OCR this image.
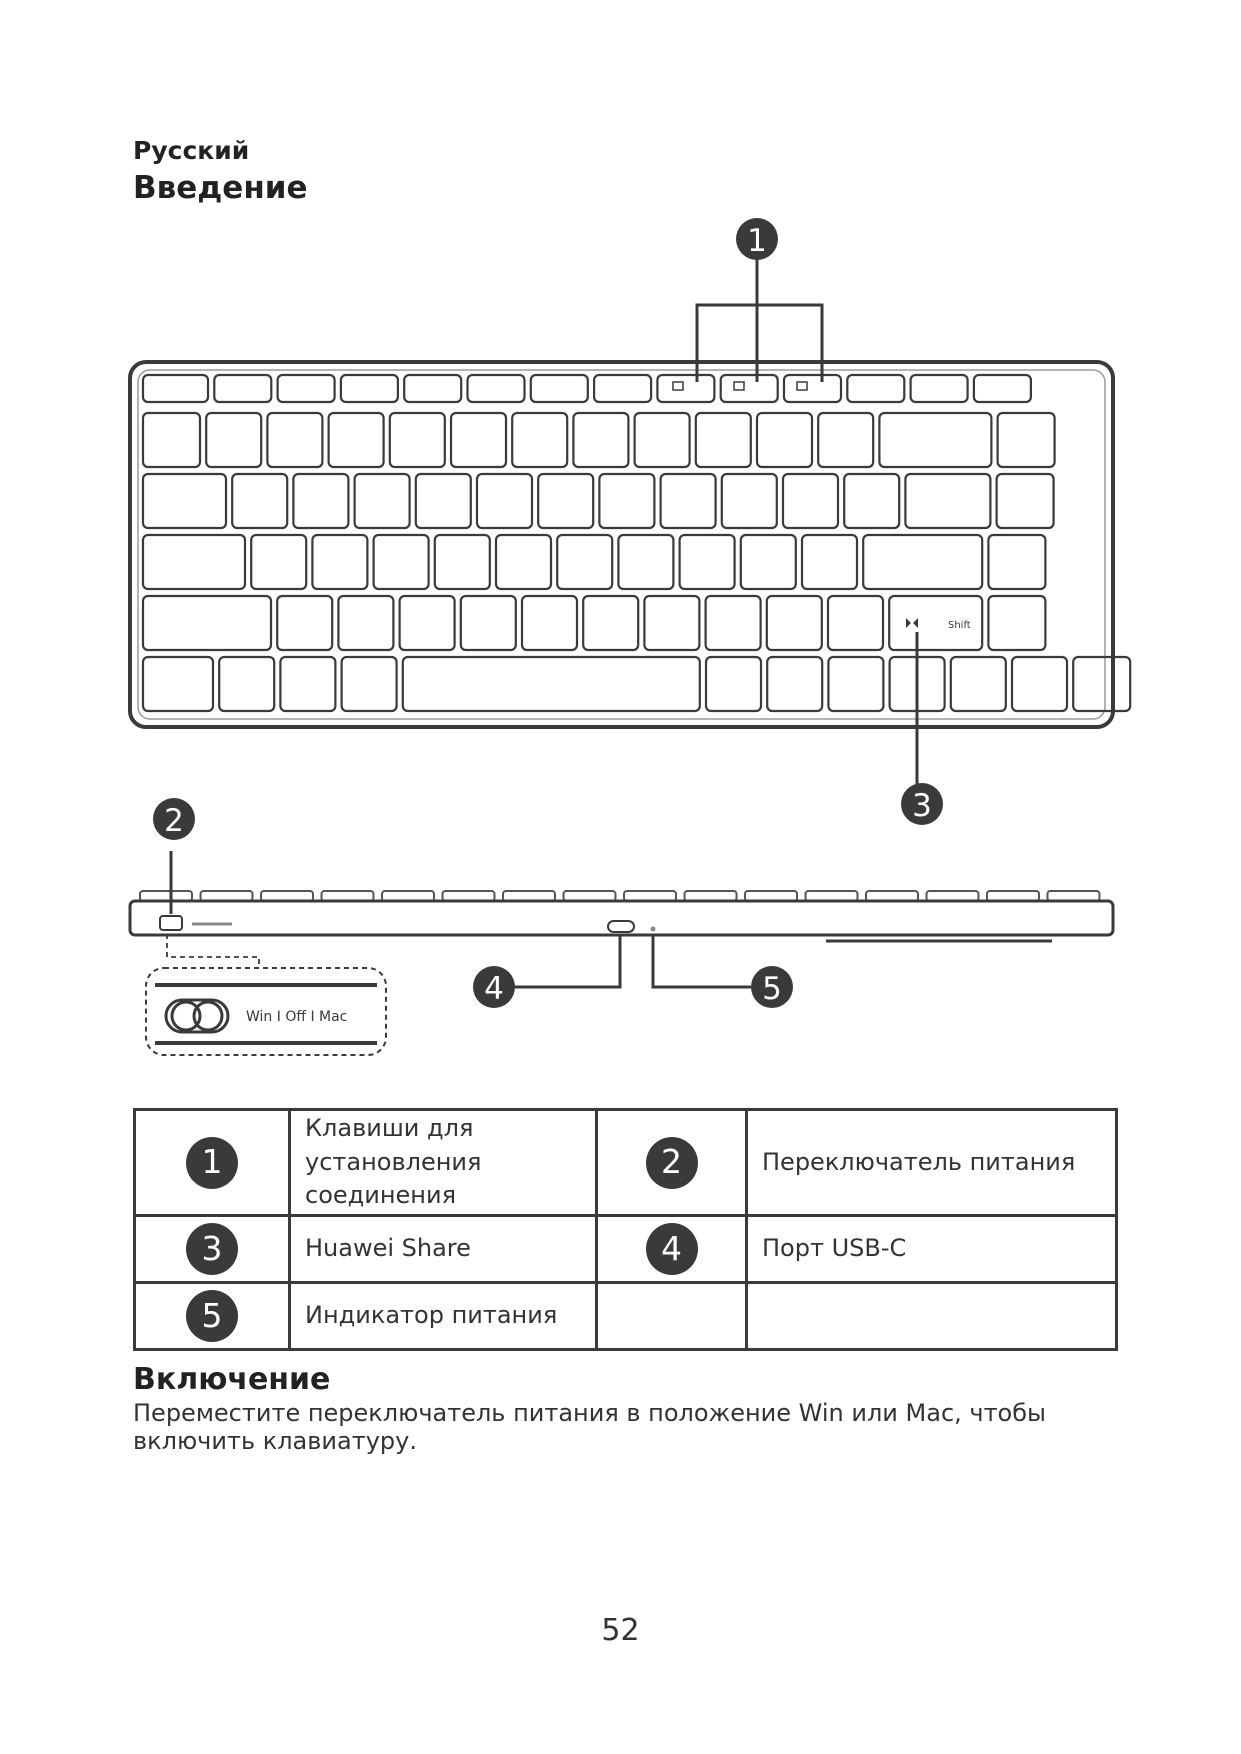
Русский

Введение
Shift
1
3
2
Win I Off I Mac
4	5
1	Клавиши для установления соединения	2	Переключатель питания
3	Huawei Share	4	Порт USB-C
5	Индикатор питания		
Включение

Переместите переключатель питания в положение Win или Mac, чтобы включить клавиатуру.

52
